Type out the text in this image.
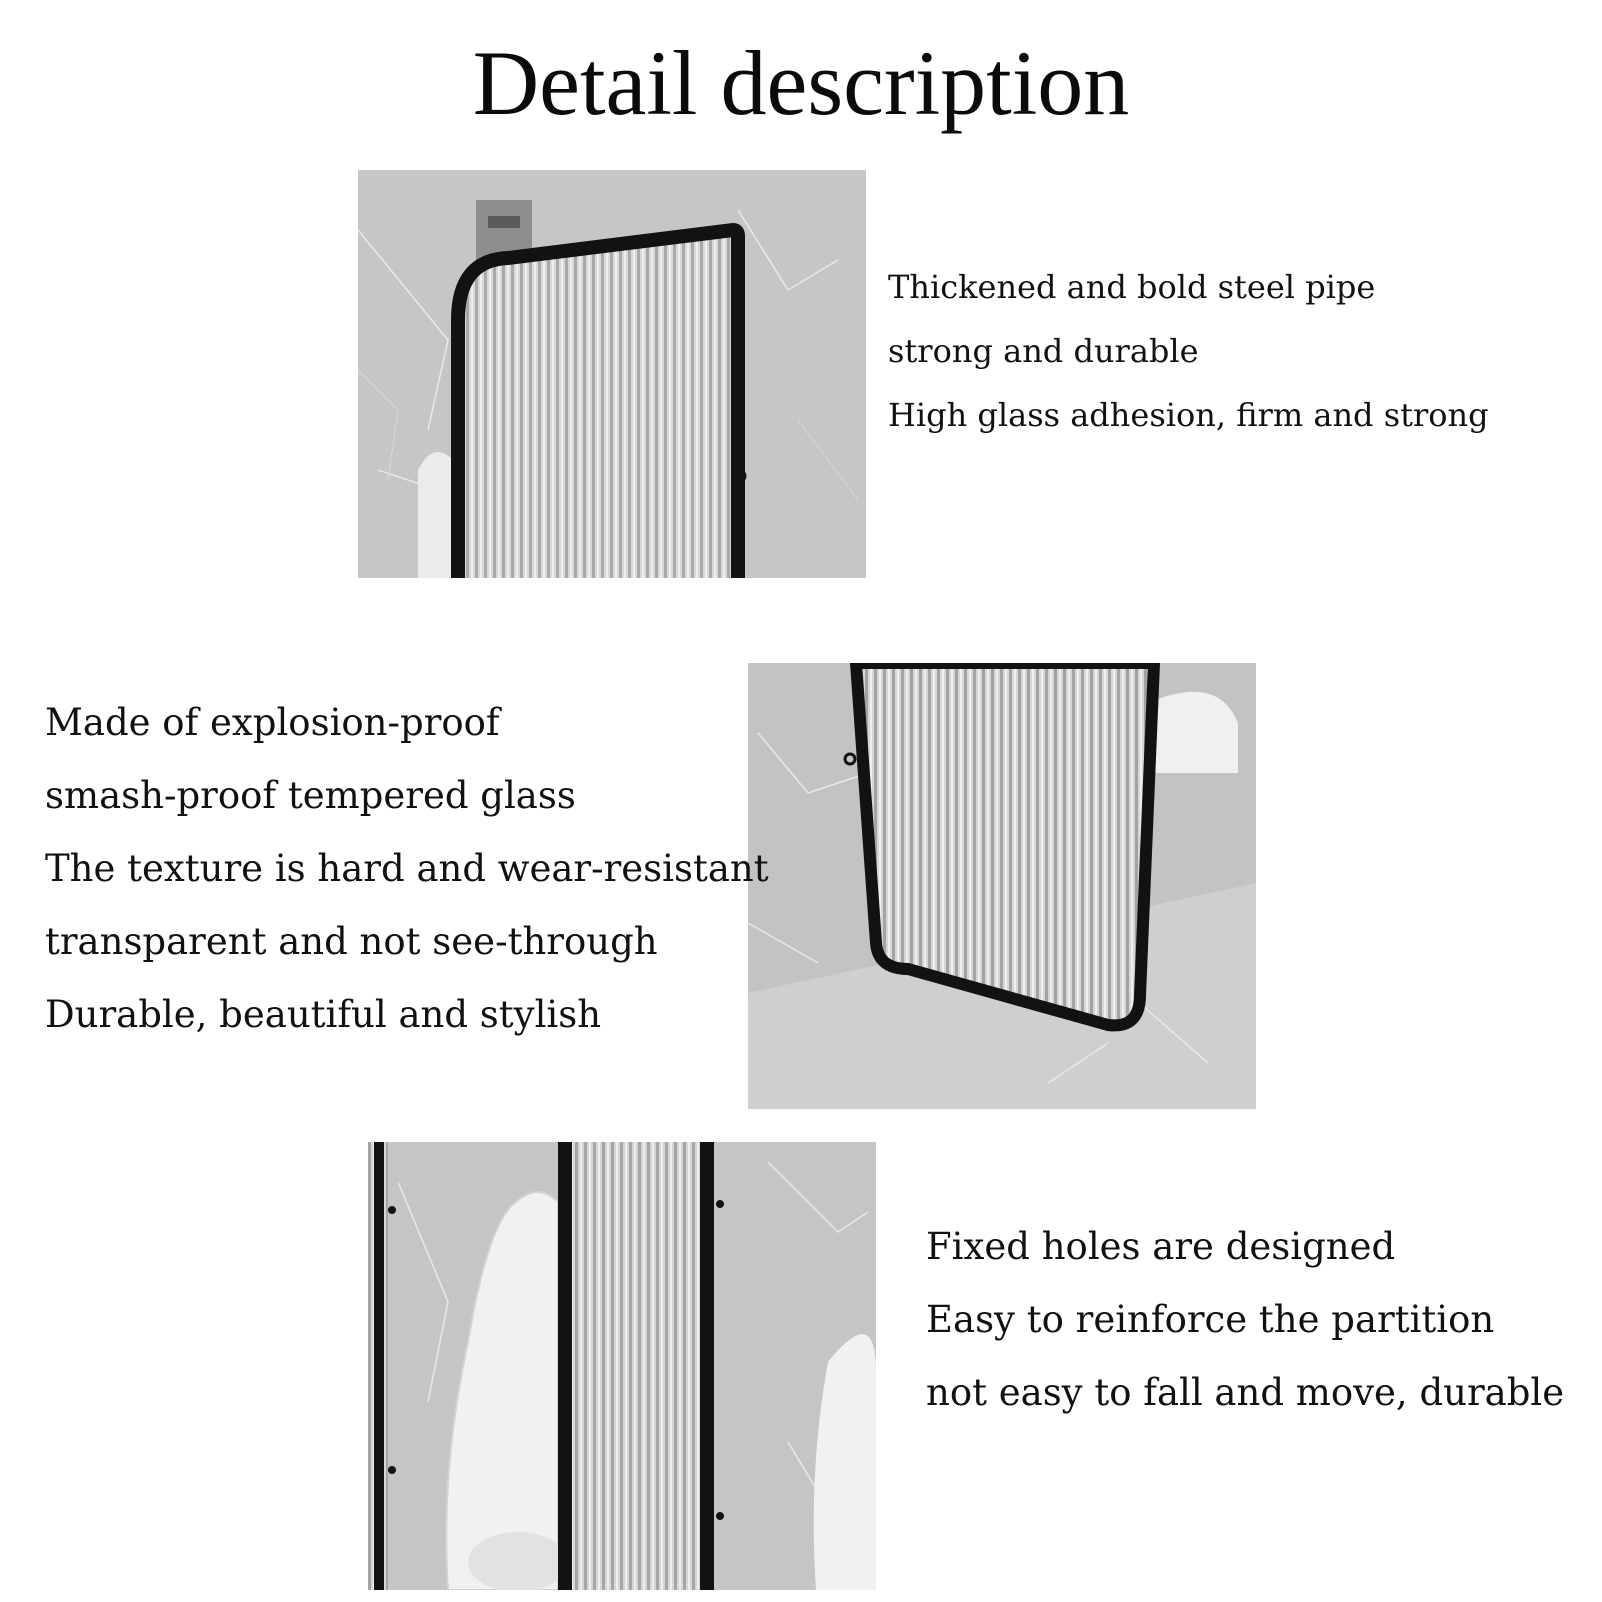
Detail description
Thickened and bold steel pipe
strong and durable
High glass adhesion, firm and strong
Made of explosion-proof
smash-proof tempered glass
The texture is hard and wear-resistant
transparent and not see-through
Durable, beautiful and stylish
Fixed holes are designed
Easy to reinforce the partition
not easy to fall and move, durable
